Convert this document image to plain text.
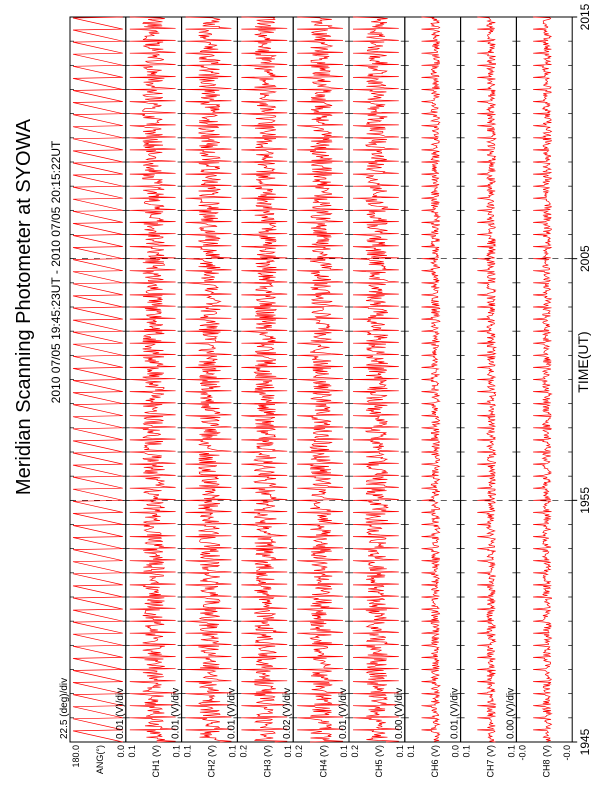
Meridian Scanning Photometer at SYOWA 2010 07/05 19:45:23UT - 2010 07/05 20:15:22UT	TIME(UT)
22.5 (deg)/div
ANG(°) 0.0
180.0
0.01 (V)/div
CH1 (V) 0.1
0.1
0.01 (V)/div
CH2 (V) 0.1
0.1
0.01 (V)/div
CH3 (V) 0.1
0.2
0.02 (V)/div
CH4 (V) 0.1
0.2
0.01 (V)/div
CH5 (V) 0.1
0.2
0.00 (V)/div
CH6 (V) 0.0
0.1
0.01 (V)/div
CH7 (V) 0.1
0.1
0.00 (V)/div
CH8 (V) -0.0
-0.0	1945
1955
2005
2015
